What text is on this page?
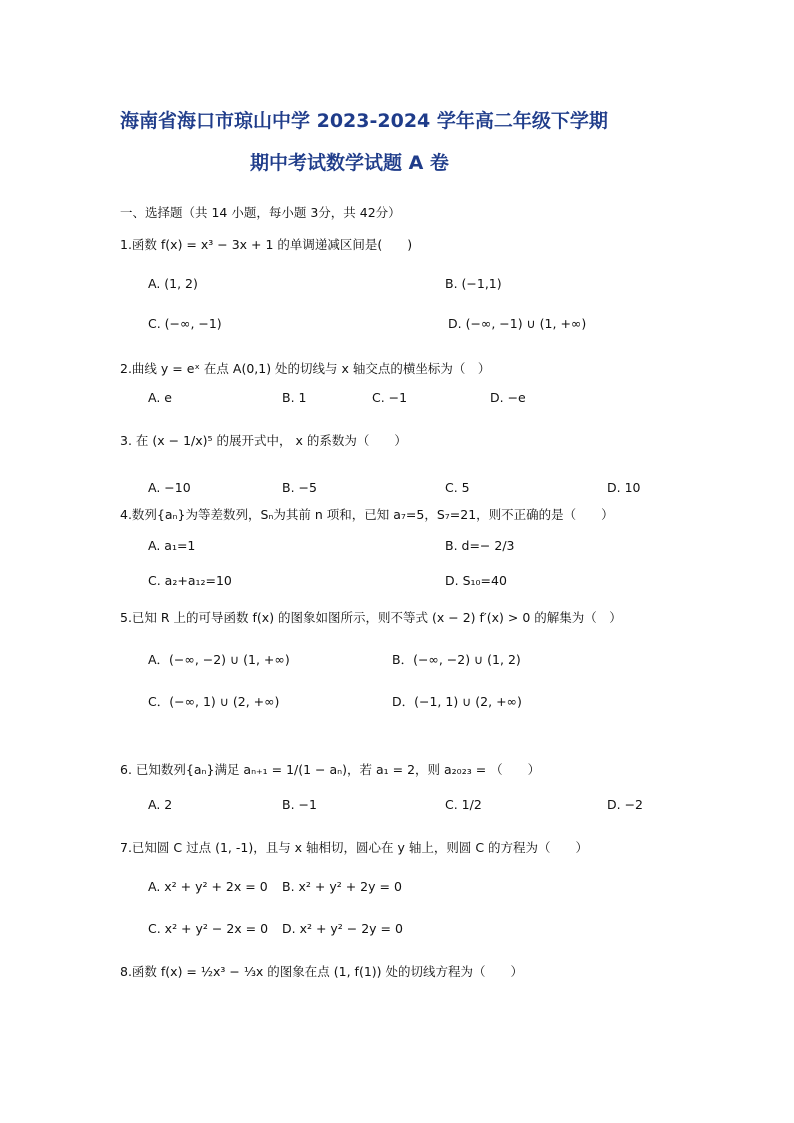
海南省海口市琼山中学 2023-2024 学年高二年级下学期
期中考试数学试题 A 卷
一、选择题（共 14 小题，每小题 3分，共 42分）
1.函数 f(x) = x³ − 3x + 1 的单调递减区间是(　　)
A. (1, 2)	B. (−1,1)
C. (−∞, −1)	D. (−∞, −1) ∪ (1, +∞)
2.曲线 y = eˣ 在点 A(0,1) 处的切线与 x 轴交点的横坐标为（　）
A. e	B. 1	C. −1	D. −e
3. 在 (x − 1/x)⁵ 的展开式中， x 的系数为（　　）
A. −10	B. −5	C. 5	D. 10
4.数列{aₙ}为等差数列，Sₙ为其前 n 项和，已知 a₇=5，S₇=21，则不正确的是（　　）
A. a₁=1	B. d=− 2/3
C. a₂+a₁₂=10	D. S₁₀=40
5.已知 R 上的可导函数 f(x) 的图象如图所示，则不等式 (x − 2) f′(x) > 0 的解集为（　）
A．(−∞, −2) ∪ (1, +∞)	B．(−∞, −2) ∪ (1, 2)
C．(−∞, 1) ∪ (2, +∞)	D．(−1, 1) ∪ (2, +∞)
6. 已知数列{aₙ}满足 aₙ₊₁ = 1/(1 − aₙ)，若 a₁ = 2，则 a₂₀₂₃ = （　　）
A. 2	B. −1	C. 1/2	D. −2
7.已知圆 C 过点 (1, -1)，且与 x 轴相切，圆心在 y 轴上，则圆 C 的方程为（　　）
A. x² + y² + 2x = 0 B. x² + y² + 2y = 0
C. x² + y² − 2x = 0 D. x² + y² − 2y = 0
8.函数 f(x) = ½x³ − ⅓x 的图象在点 (1, f(1)) 处的切线方程为（　　）
